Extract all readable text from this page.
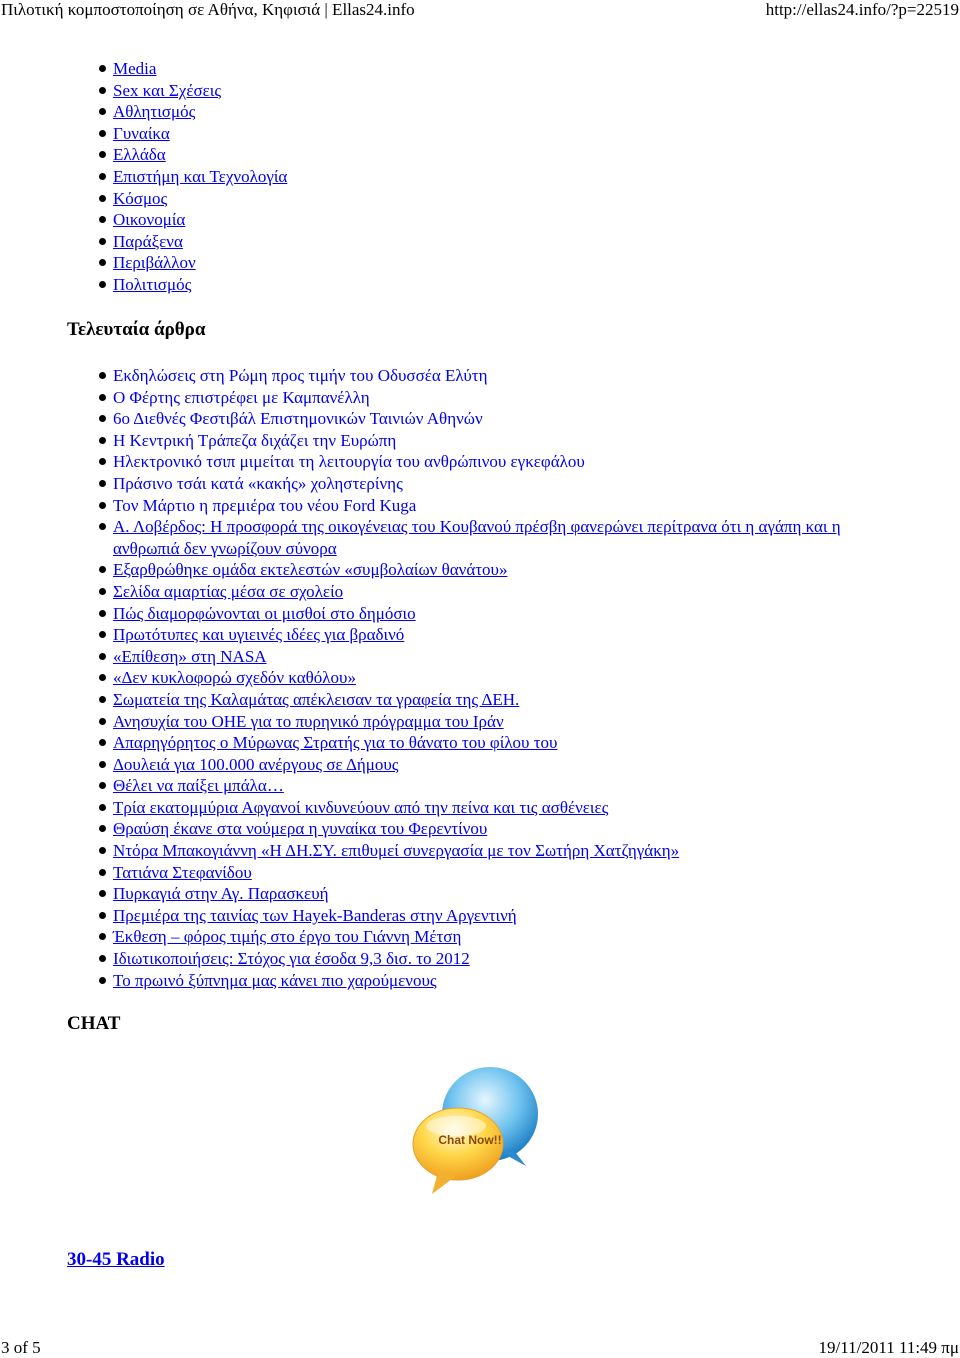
Πιλοτική κομποστοποίηση σε Αθήνα, Κηφισιά | Ellas24.info	http://ellas24.info/?p=22519
Media
Sex και Σχέσεις
Αθλητισμός
Γυναίκα
Ελλάδα
Επιστήμη και Τεχνολογία
Κόσμος
Οικονομία
Παράξενα
Περιβάλλον
Πολιτισμός
Τελευταία άρθρα
Εκδηλώσεις στη Ρώμη προς τιμήν του Οδυσσέα Ελύτη
Ο Φέρτης επιστρέφει με Καμπανέλλη
6ο Διεθνές Φεστιβάλ Επιστημονικών Ταινιών Αθηνών
Η Κεντρική Τράπεζα διχάζει την Ευρώπη
Ηλεκτρονικό τσιπ μιμείται τη λειτουργία του ανθρώπινου εγκεφάλου
Πράσινο τσάι κατά «κακής» χοληστερίνης
Τον Μάρτιο η πρεμιέρα του νέου Ford Kuga
Α. Λοβέρδος: Η προσφορά της οικογένειας του Κουβανού πρέσβη φανερώνει περίτρανα ότι η αγάπη και η ανθρωπιά δεν γνωρίζουν σύνορα
Εξαρθρώθηκε ομάδα εκτελεστών «συμβολαίων θανάτου»
Σελίδα αμαρτίας μέσα σε σχολείο
Πώς διαμορφώνονται οι μισθοί στο δημόσιο
Πρωτότυπες και υγιεινές ιδέες για βραδινό
«Επίθεση» στη NASA
«Δεν κυκλοφορώ σχεδόν καθόλου»
Σωματεία της Καλαμάτας απέκλεισαν τα γραφεία της ΔΕΗ.
Ανησυχία του ΟΗΕ για το πυρηνικό πρόγραμμα του Ιράν
Απαρηγόρητος ο Μύρωνας Στρατής για το θάνατο του φίλου του
Δουλειά για 100.000 ανέργους σε Δήμους
Θέλει να παίξει μπάλα…
Τρία εκατομμύρια Αφγανοί κινδυνεύουν από την πείνα και τις ασθένειες
Θραύση έκανε στα νούμερα η γυναίκα του Φερεντίνου
Ντόρα Μπακογιάννη «Η ΔΗ.ΣΥ. επιθυμεί συνεργασία με τον Σωτήρη Χατζηγάκη»
Τατιάνα Στεφανίδου
Πυρκαγιά στην Αγ. Παρασκευή
Πρεμιέρα της ταινίας των Hayek-Banderas στην Αργεντινή
Έκθεση – φόρος τιμής στο έργο του Γιάννη Μέτση
Ιδιωτικοποιήσεις: Στόχος για έσοδα 9,3 δισ. το 2012
Το πρωινό ξύπνημα μας κάνει πιο χαρούμενους
CHAT
Chat Now!!
30-45 Radio
3 of 5	19/11/2011 11:49 πμ
